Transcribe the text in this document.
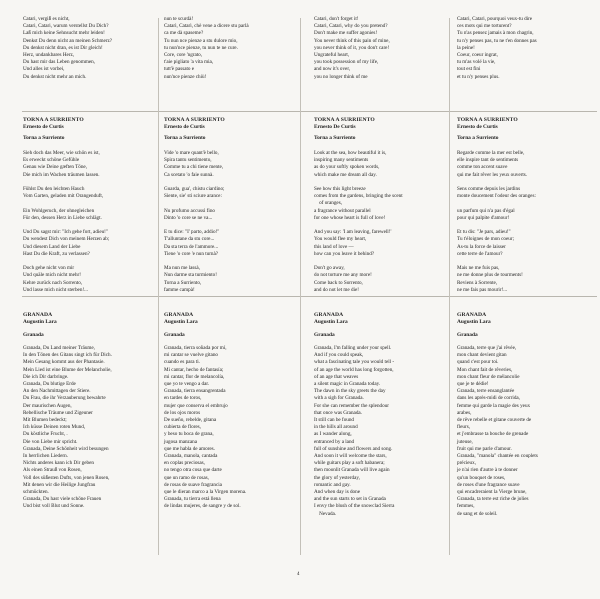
Catari, vergiß es nicht,
Catari, Catari, warum verstellst Du Dich?
Laß mich keine Sehnsucht mehr leiden!
Denkst Du denn nicht an meinen Schmerz?
Du denkst nicht dran, es ist Dir gleich!
Herz, undankbares Herz,
Du hast mir das Leben genommen,
Und alles ist vorbei,
Du denkst nicht mehr an mich.
nun te scurdà!
Catarì, Catarì, chè vene a dicere stu parlà
ca me dà spaseme?
Tu nun nce pienze a stu dulore mio,
tu nun'nce pienze, tu nun te ne cure.
Core, core 'ngrato,
t'aie pigliato 'a vita mia,
tutt'è passato e
nun'nce pienze chiù!
Catari, don't forget it!
Catari, Catari, why do you pretend?
Don't make me suffer agonies!
You never think of this pain of mine,
you never think of it, you don't care!
Ungrateful heart,
you took possession of my life,
and now it's over,
you no longer think of me
Catari, Catari, pourquoi veux-tu dire
ces mots qui me torturent?
Tu n'as pensez jamais à mon chagrin,
tu n'y penses pas, tu ne t'en donnes pas
la peine!
Coeur, coeur ingrat,
tu m'as volé la vie,
tout est fini
et tu n'y penses plus.

TORNA A SURRIENTO

Ernesto de Curtis

Torna a Surriento

Sieh doch das Meer, wie schön es ist,
Es erweckt schöne Gefühle
Genau wie Deine gæften Töne,
Die mich im Wachen träumen lassen.

Fühlst Du den leichten Hauch
Vom Garten, geladen mit Orangenduft,

Ein Wohlgeruch, der ohnegleichen
Für den, dessen Herz in Liebe schlägt.

Und Du sagst mir: "Ich gehe fort, adieu!"
Du wendest Dich von meinem Herzen ab;
Und diesem Land der Liebe
Hast Du die Kraft, zu verlassen?

Doch gehe nicht von mir
Und quäle mich nicht mehr!
Kehre zurück nach Sorrento,
Und lasse mich nicht sterben!...

TORNA A SURRIENTO

Ernesto de Curtis

Torna a Surriento

Vide 'o mare quant'è bello,
Spira tantu sentimento,
Comme tu a chi tiene mente,
Ca scetato 'o faie sunnà.

Guarda, gua', chistu ciardino;
Siente, sie' sti sciure arance:

Nu profumo accussì fino
Dinto 'o core se ne va...

E tu dice: "I' parto, addio!"
T'alluntane da stu core...
Da sta terra de l'ammore...
Tiene 'o core 'e nun turnà?

Ma nun me lassà,
Nun darme sta turmiento!
Torna a Surriento,
famme campà!

TORNA A SURRIENTO

Ernesto De Curtis

Torna a Surriento

Look at the sea, how beautiful it is,
inspiring many sentiments
as do your softly spoken words,
which make me dream all day.

See how this light breeze
comes from the gardens, bringing the scent
of oranges,
a fragrance without parallel
for one whose heart is full of love!

And you say: 'I am leaving, farewell!'
You would flee my heart,
this land of love —
how can you leave it behind?

Don't go away,
do not torture me any more!
Come back to Sorrento,
and do not let me die!

TORNA A SURRIENTO

Ernesto de Curtis

Torna a Surriento

Regarde comme la mer est belle,
elle inspire tant de sentiments
comme ton accent suave
qui me fait rêver les yeux ouverts.

Sens comme depuis les jardins
monte doucement l'odeur des oranges:

un parfum qui n'a pas d'égal
pour qui palpite d'amour!

Et tu dis: "Je pars, adieu!"
Tu t'éloignes de mon coeur;
As-tu la force de laisser
cette terre de l'amour?

Mais ne me fuis pas,
ne me donne plus de tourments!
Reviens à Sorrente,
ne me fais pas mourir!...

GRANADA

Augustin Lara

Granada

Granada, Du Land meiner Träume,
In den Tönen des Gitans singt ich für Dich.
Mein Gesang kommt aus der Phantasie.
Mein Lied ist eine Blume der Melancholie,
Die ich Dir darbringe.
Granada, Du blutige Erde
An den Nachmittagen der Stiere.
Du Frau, die ihr Verzauberung bewahrte
Der maurischen Augen,
Rebellische Träume und Zigeuner
Mit Blumen bedeckt;
Ich küsse Deinen roten Mund,
Du köstliche Frucht, .
Die von Liebe mir spricht.
Granada, Deine Schönheit wird besungen
In herrlichen Liedern.
Nichts anderes kann ich Dir geben
Als einen Strauß von Rosen,
Voll des süßesten Dufts, von jenen Rosen,
Mit denen wir die Heilige Jungfrau
schmückten.
Granada, Du hast viele schöne Frauen
Und bist voll Blut und Sonne.

GRANADA

Augustin Lara

Granada

Granada, tierra soñada por mí,
mi cantar se vuelve gitano
cuando es para ti.
Mi cantar, hecho de fantasía;
mi cantar, flor de melancolía,
que yo te vengo a dar.
Granada, tierra ensangrentada
en tardes de toros,
mujer que conserva el embrujo
de los ojos moros
De sueño, rebelde, gitana
cubierta de flores,
y beso tu boca de grana,
jugosa manzana
que me habla de amores.
Granada, manola, cantada
en coplas preciosas,
no tengo otra cosa que darte
que un ramo de rosas,
de rosas de suave fragrancia
que le dieran marco a la Virgen morena.
Granada, tu tierra está llena
de lindas mujeres, de sangre y de sol.

GRANADA

Augustin Lara

Granada

Granada, I'm falling under your spell.
And if you could speak,
what a fascinating tale you would tell -
of an age the world has long forgotten,
of an age that weaves
a silent magic in Granada today.
The dawn in the sky greets the day
with a sigh for Granada.
For she can remember the splendour
that once was Granada.
It still can be found
in the hills all around
as I wander along,
entranced by a land
full of sunshine and flowers and song.
And soon it will welcome the stars,
while guitars play a soft habanera;
then moonlit Granada will live again
the glory of yesterday,
romantic and gay.
And when day is done
and the sun starts to set in Granada
I envy the blush of the snowclad Sierra
Nevada.

GRANADA

Augustin Lara

Granada

Granada, terre que j'ai rêvée,
mon chant devient gitan
quand c'est pour toi.
Mon chant fait de rêveries,
mon chant fleur de mélancolie
que je te dédie!
Granada, terre ensanglantée
dans les après-midi de corrida,
femme qui garde la magie des yeux
arabes,
de rêve rebelle et gitane couverte de
fleurs,
et j'embrasse ta bouche de grenade
juteuse,
fruit qui me parle d'amour.
Granada, "manola" chantée en couplets
précieux,
je n'ai rien d'autre à te donner
qu'un bouquet de roses,
de roses d'une fragrance suave
qui encadreraient la Vierge brune,
Granada, ta terre est riche de jolies
femmes,
de sang et de soleil.
4
